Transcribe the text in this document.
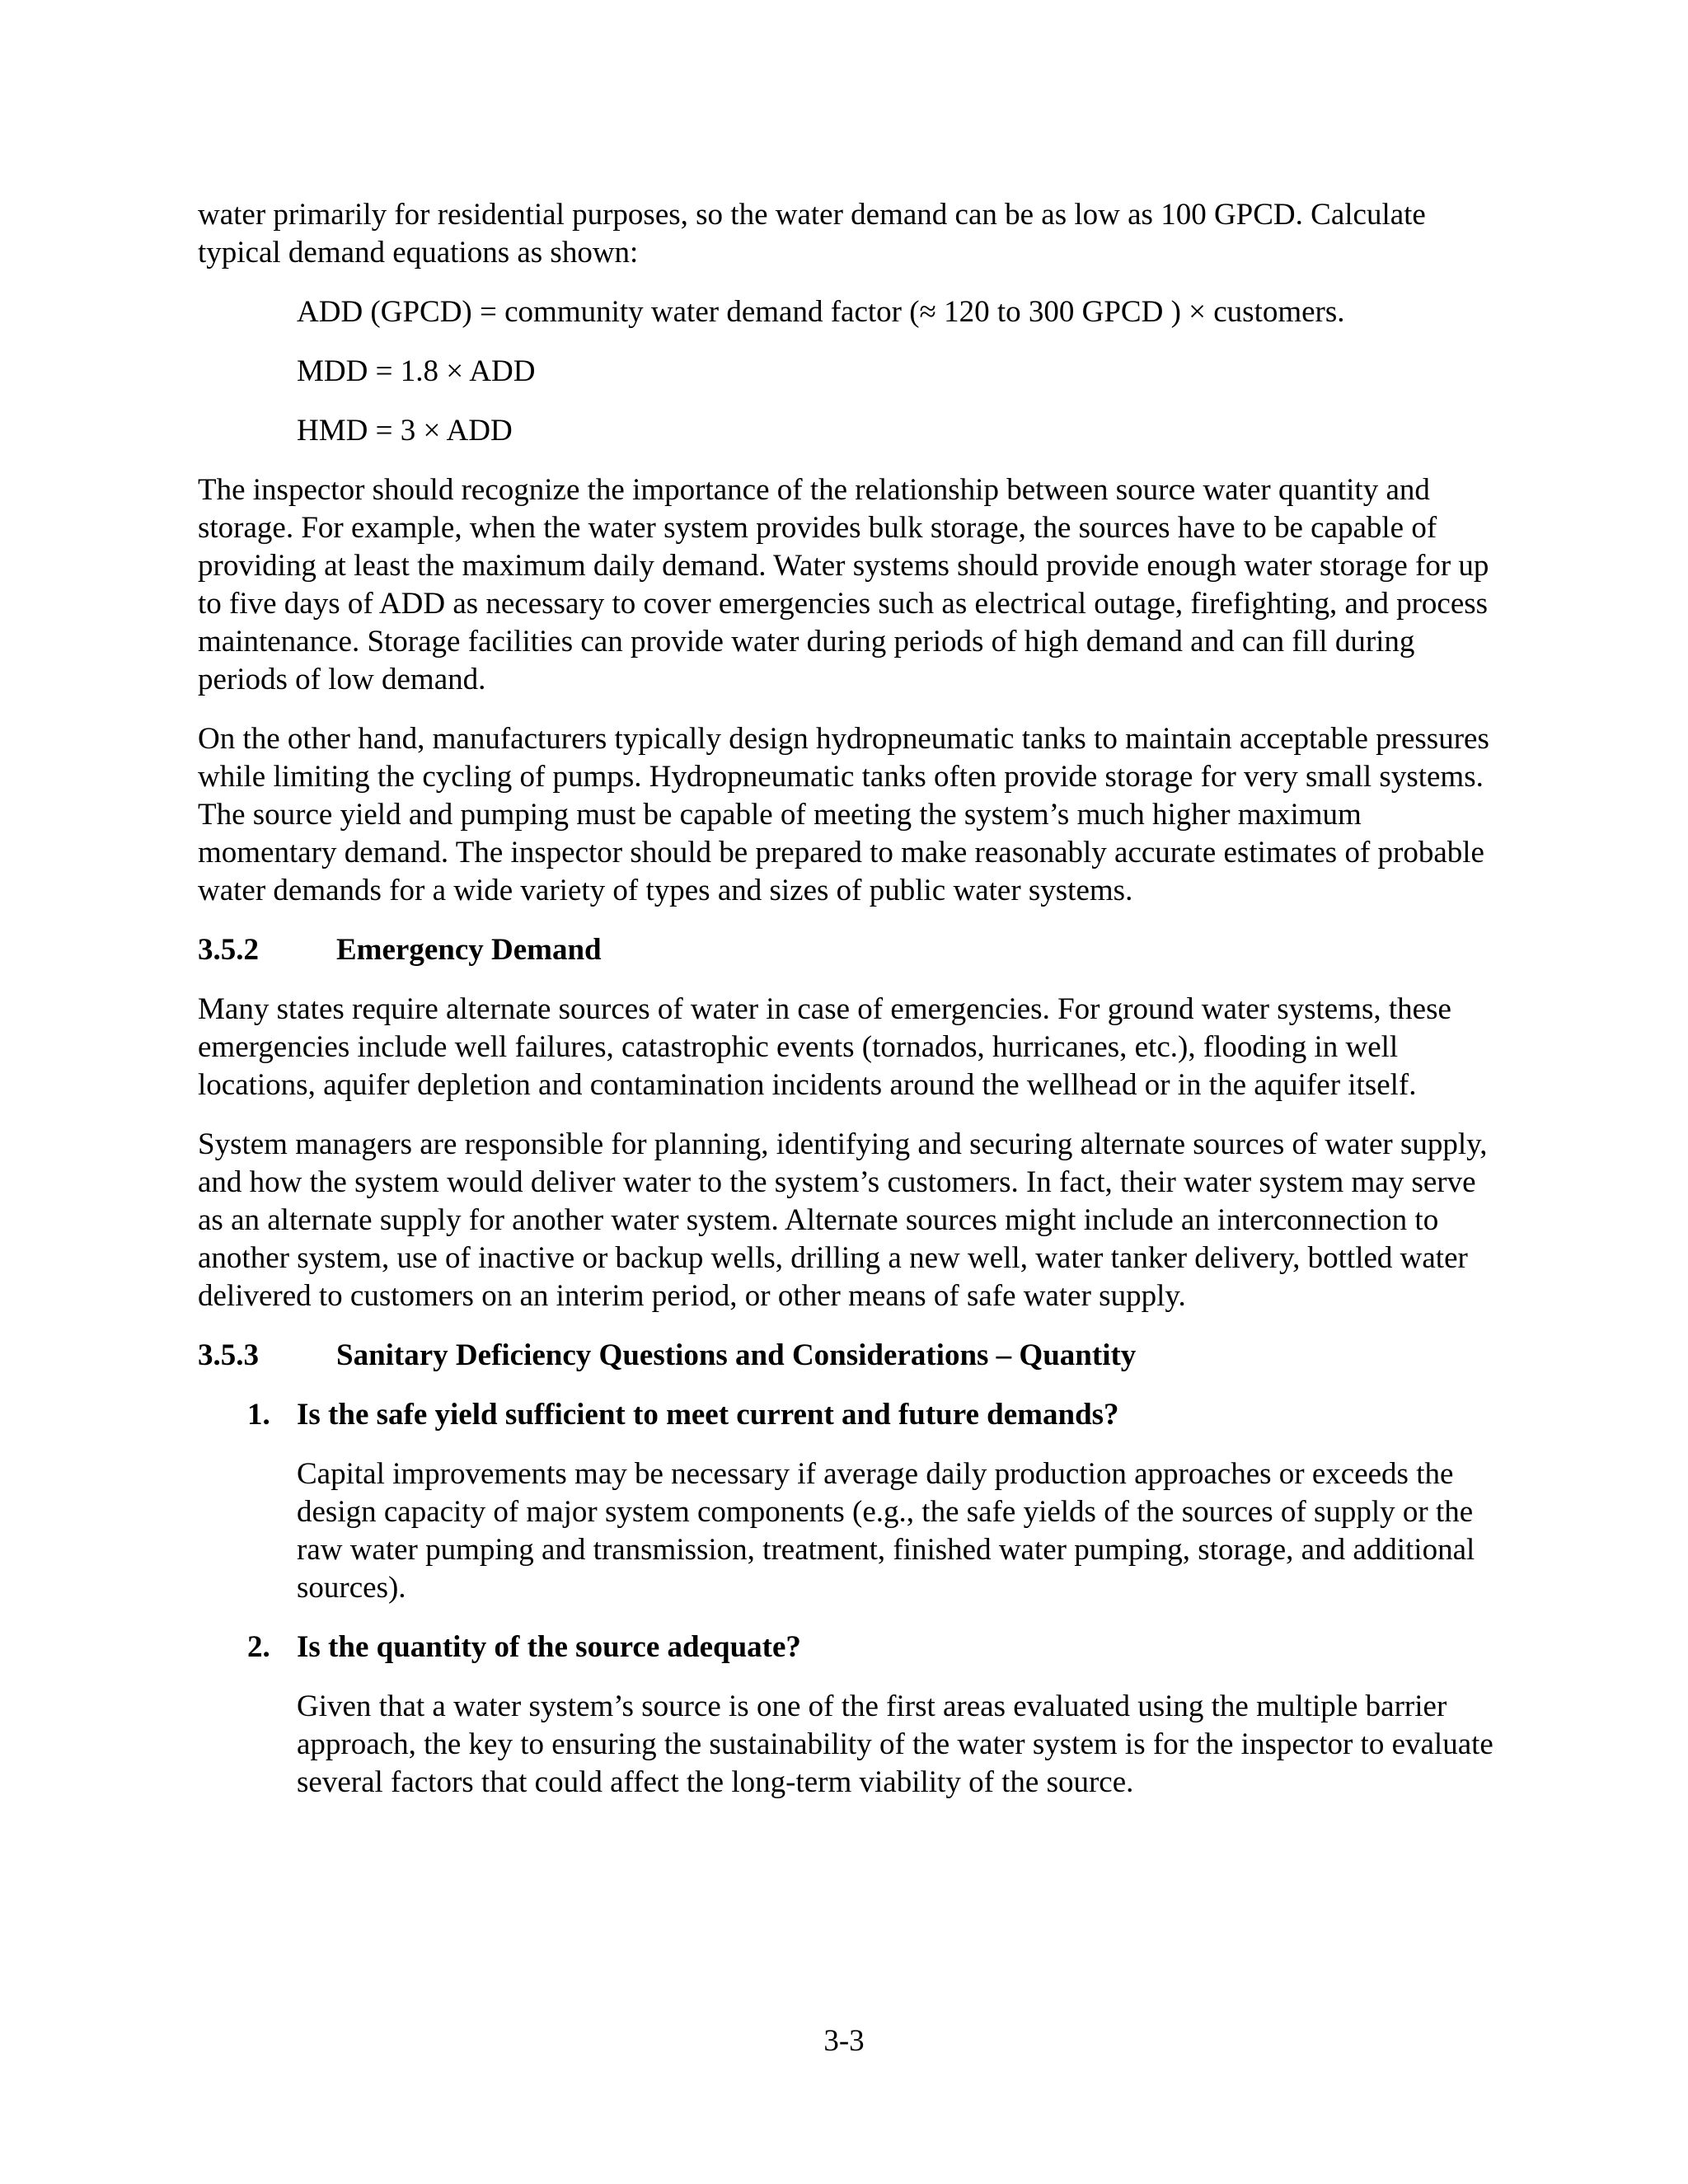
water primarily for residential purposes, so the water demand can be as low as 100 GPCD. Calculate typical demand equations as shown:

ADD (GPCD) = community water demand factor (≈ 120 to 300 GPCD ) × customers.

MDD = 1.8 × ADD

HMD = 3 × ADD

The inspector should recognize the importance of the relationship between source water quantity and storage. For example, when the water system provides bulk storage, the sources have to be capable of providing at least the maximum daily demand. Water systems should provide enough water storage for up to five days of ADD as necessary to cover emergencies such as electrical outage, firefighting, and process maintenance. Storage facilities can provide water during periods of high demand and can fill during periods of low demand.

On the other hand, manufacturers typically design hydropneumatic tanks to maintain acceptable pressures while limiting the cycling of pumps. Hydropneumatic tanks often provide storage for very small systems. The source yield and pumping must be capable of meeting the system’s much higher maximum momentary demand. The inspector should be prepared to make reasonably accurate estimates of probable water demands for a wide variety of types and sizes of public water systems.

3.5.2	Emergency Demand

Many states require alternate sources of water in case of emergencies. For ground water systems, these emergencies include well failures, catastrophic events (tornados, hurricanes, etc.), flooding in well locations, aquifer depletion and contamination incidents around the wellhead or in the aquifer itself.

System managers are responsible for planning, identifying and securing alternate sources of water supply, and how the system would deliver water to the system’s customers. In fact, their water system may serve as an alternate supply for another water system. Alternate sources might include an interconnection to another system, use of inactive or backup wells, drilling a new well, water tanker delivery, bottled water delivered to customers on an interim period, or other means of safe water supply.

3.5.3	Sanitary Deficiency Questions and Considerations – Quantity
1. Is the safe yield sufficient to meet current and future demands?

Capital improvements may be necessary if average daily production approaches or exceeds the design capacity of major system components (e.g., the safe yields of the sources of supply or the raw water pumping and transmission, treatment, finished water pumping, storage, and additional sources).

2. Is the quantity of the source adequate?

Given that a water system’s source is one of the first areas evaluated using the multiple barrier approach, the key to ensuring the sustainability of the water system is for the inspector to evaluate several factors that could affect the long-term viability of the source.

3-3
